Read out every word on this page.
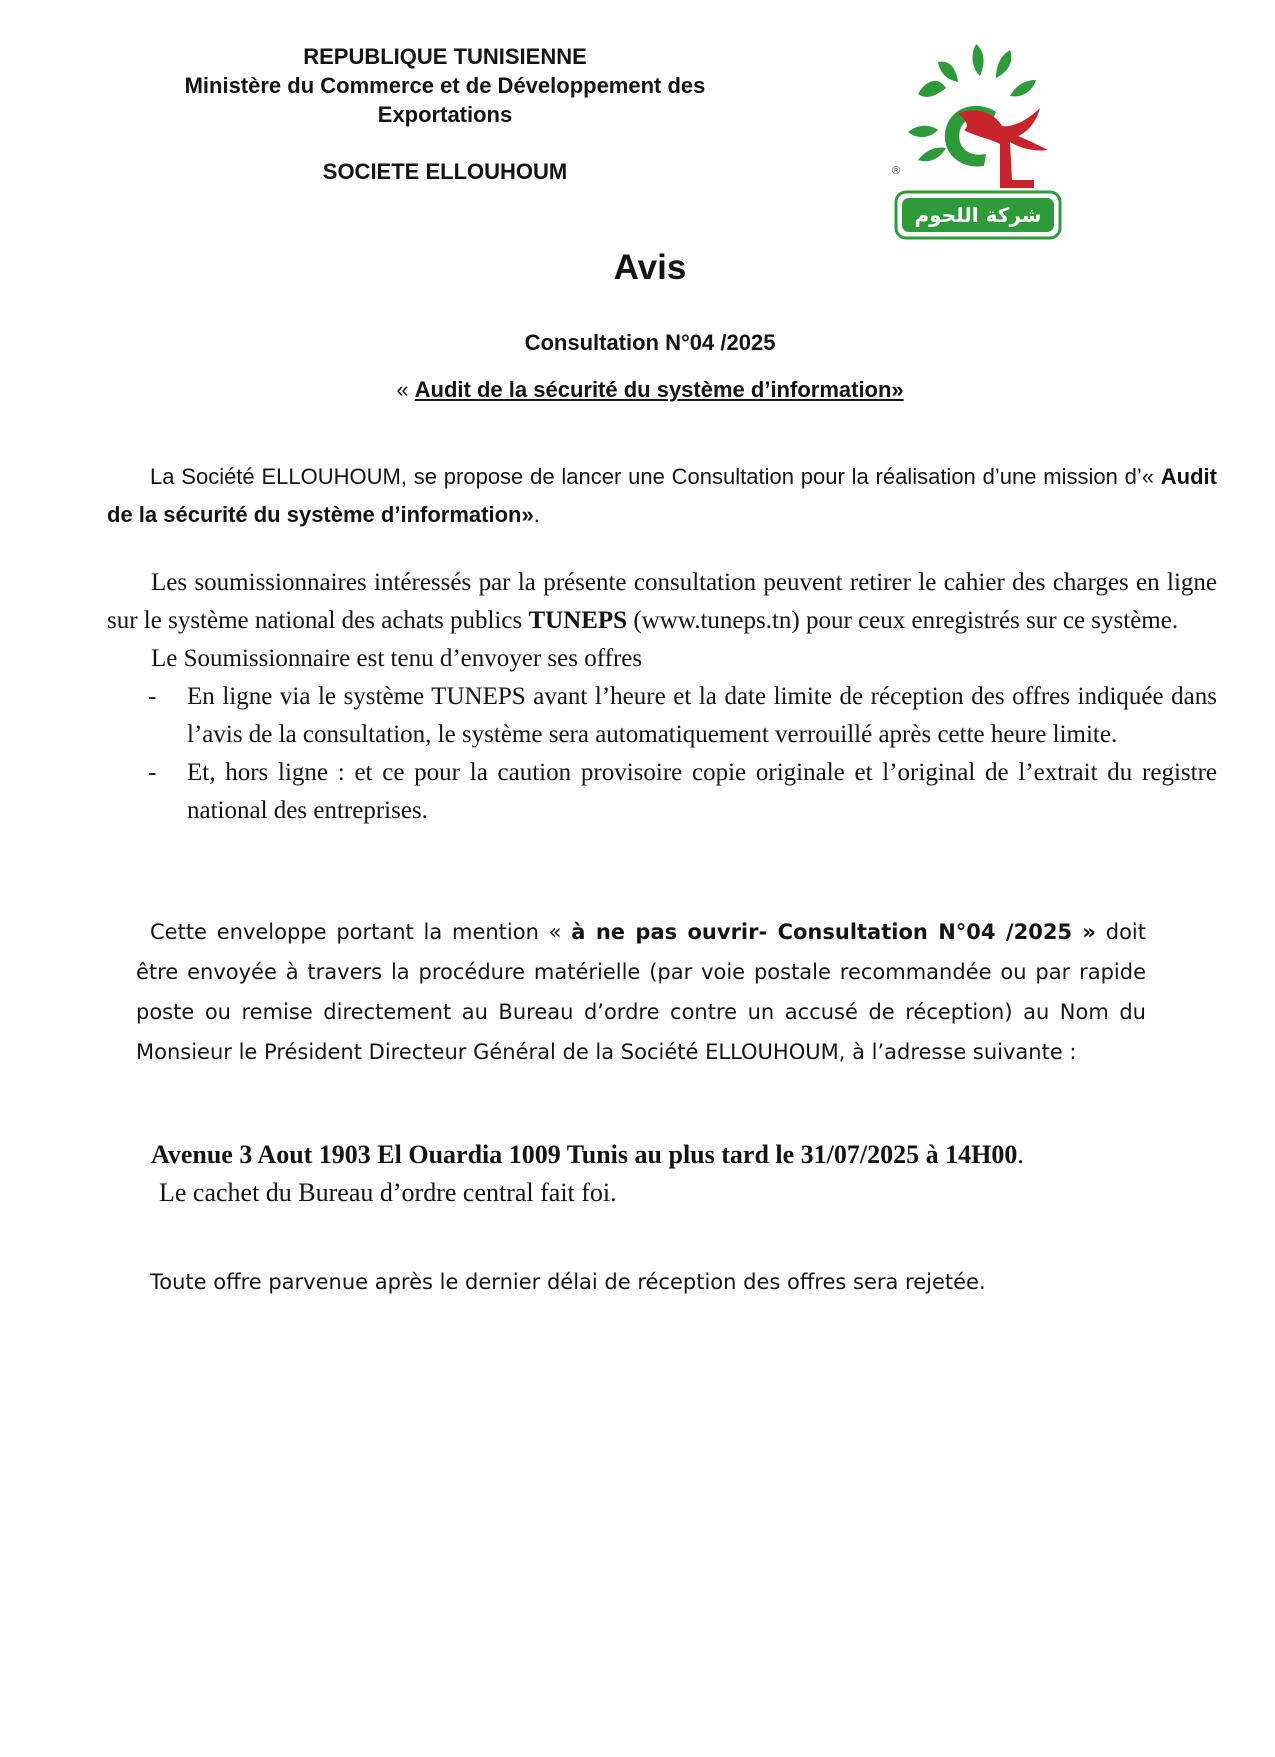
REPUBLIQUE TUNISIENNE
Ministère du Commerce et de Développement des
Exportations
SOCIETE ELLOUHOUM	®
شركة اللحوم
Avis
Consultation N°04 /2025
« Audit de la sécurité du système d’information»
La Société ELLOUHOUM, se propose de lancer une Consultation pour la réalisation d’une mission d’« Audit de la sécurité du système d’information».
Les soumissionnaires intéressés par la présente consultation peuvent retirer le cahier des charges en ligne sur le système national des achats publics TUNEPS (www.tuneps.tn) pour ceux enregistrés sur ce système.
Le Soumissionnaire est tenu d’envoyer ses offres
- En ligne via le système TUNEPS avant l’heure et la date limite de réception des offres indiquée dans l’avis de la consultation, le système sera automatiquement verrouillé après cette heure limite.
- Et, hors ligne : et ce pour la caution provisoire copie originale et l’original de l’extrait du registre national des entreprises.
Cette enveloppe portant la mention « à ne pas ouvrir- Consultation N°04 /2025 » doit être envoyée à travers la procédure matérielle (par voie postale recommandée ou par rapide poste ou remise directement au Bureau d’ordre contre un accusé de réception) au Nom du Monsieur le Président Directeur Général de la Société ELLOUHOUM, à l’adresse suivante :
Avenue 3 Aout 1903 El Ouardia 1009 Tunis au plus tard le 31/07/2025 à 14H00.
Le cachet du Bureau d’ordre central fait foi.
Toute offre parvenue après le dernier délai de réception des offres sera rejetée.
